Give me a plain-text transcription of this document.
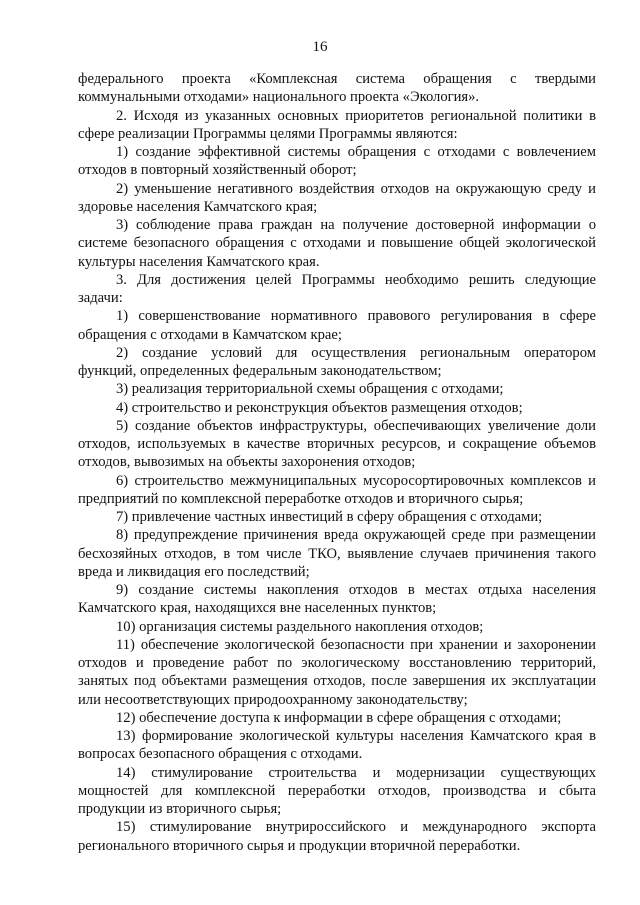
16

федерального проекта «Комплексная система обращения с твердыми коммунальными отходами» национального проекта «Экология».

2. Исходя из указанных основных приоритетов региональной политики в сфере реализации Программы целями Программы являются:

1) создание эффективной системы обращения с отходами с вовлечением отходов в повторный хозяйственный оборот;

2) уменьшение негативного воздействия отходов на окружающую среду и здоровье населения Камчатского края;

3) соблюдение права граждан на получение достоверной информации о системе безопасного обращения с отходами и повышение общей экологической культуры населения Камчатского края.

3. Для достижения целей Программы необходимо решить следующие задачи:

1) совершенствование нормативного правового регулирования в сфере обращения с отходами в Камчатском крае;

2) создание условий для осуществления региональным оператором функций, определенных федеральным законодательством;

3) реализация территориальной схемы обращения с отходами;

4) строительство и реконструкция объектов размещения отходов;

5) создание объектов инфраструктуры, обеспечивающих увеличение доли отходов, используемых в качестве вторичных ресурсов, и сокращение объемов отходов, вывозимых на объекты захоронения отходов;

6) строительство межмуниципальных мусоросортировочных комплексов и предприятий по комплексной переработке отходов и вторичного сырья;

7) привлечение частных инвестиций в сферу обращения с отходами;

8) предупреждение причинения вреда окружающей среде при размещении бесхозяйных отходов, в том числе ТКО, выявление случаев причинения такого вреда и ликвидация его последствий;

9) создание системы накопления отходов в местах отдыха населения Камчатского края, находящихся вне населенных пунктов;

10) организация системы раздельного накопления отходов;

11) обеспечение экологической безопасности при хранении и захоронении отходов и проведение работ по экологическому восстановлению территорий, занятых под объектами размещения отходов, после завершения их эксплуатации или несоответствующих природоохранному законодательству;

12) обеспечение доступа к информации в сфере обращения с отходами;

13) формирование экологической культуры населения Камчатского края в вопросах безопасного обращения с отходами.

14) стимулирование строительства и модернизации существующих мощностей для комплексной переработки отходов, производства и сбыта продукции из вторичного сырья;

15) стимулирование внутрироссийского и международного экспорта регионального вторичного сырья и продукции вторичной переработки.
